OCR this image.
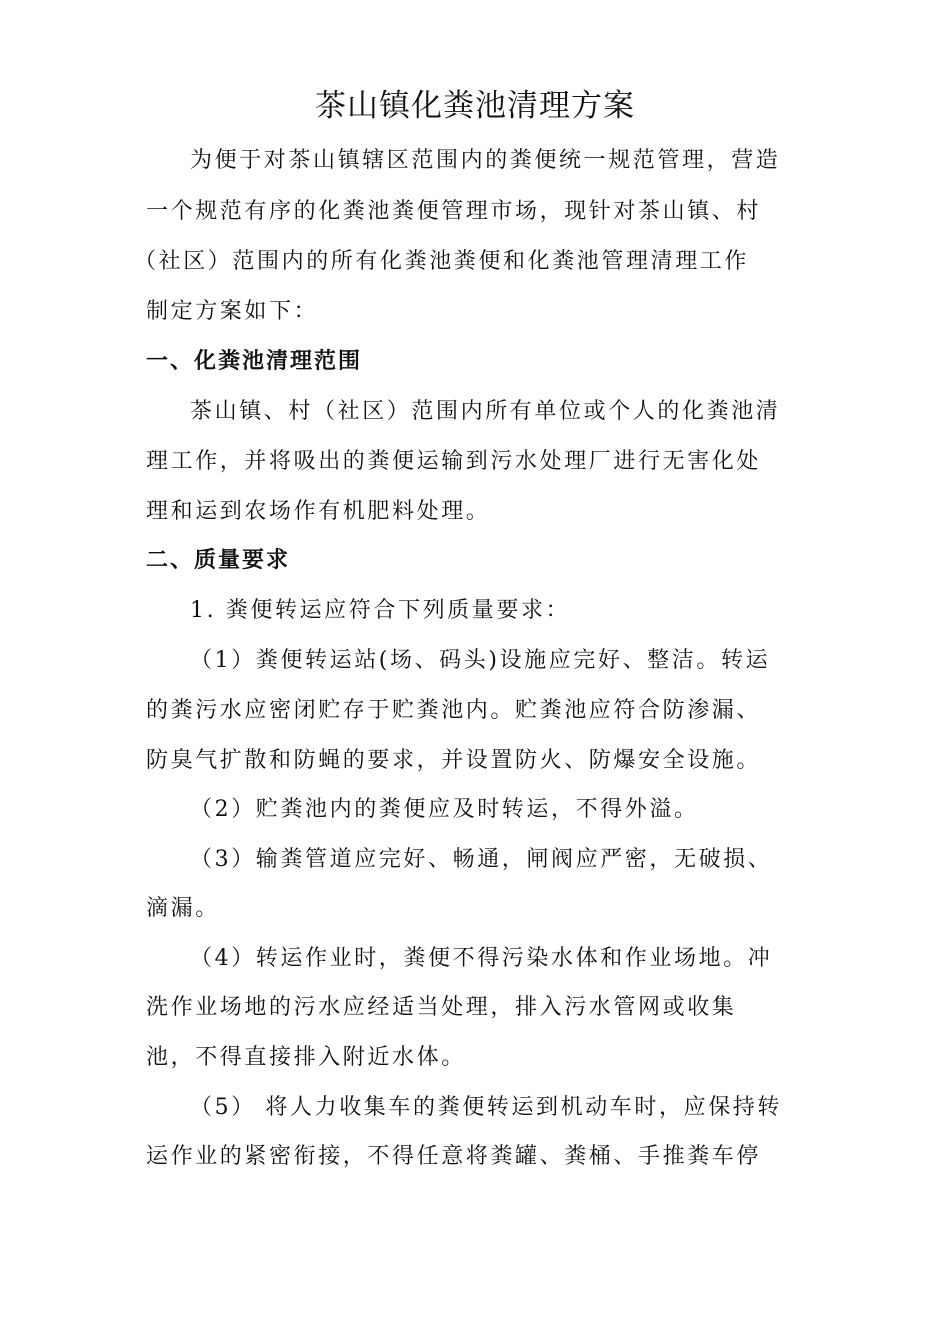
茶山镇化粪池清理方案
为便于对茶山镇辖区范围内的粪便统一规范管理，营造
一个规范有序的化粪池粪便管理市场，现针对茶山镇、村
（社区）范围内的所有化粪池粪便和化粪池管理清理工作
制定方案如下：
一、化粪池清理范围
茶山镇、村（社区）范围内所有单位或个人的化粪池清
理工作，并将吸出的粪便运输到污水处理厂进行无害化处
理和运到农场作有机肥料处理。
二、质量要求
1. 粪便转运应符合下列质量要求：
（1）粪便转运站(场、码头)设施应完好、整洁。转运
的粪污水应密闭贮存于贮粪池内。贮粪池应符合防渗漏、
防臭气扩散和防蝇的要求，并设置防火、防爆安全设施。
（2）贮粪池内的粪便应及时转运，不得外溢。
（3）输粪管道应完好、畅通，闸阀应严密，无破损、
滴漏。
（4）转运作业时，粪便不得污染水体和作业场地。冲
洗作业场地的污水应经适当处理，排入污水管网或收集
池，不得直接排入附近水体。
（5） 将人力收集车的粪便转运到机动车时，应保持转
运作业的紧密衔接，不得任意将粪罐、粪桶、手推粪车停
